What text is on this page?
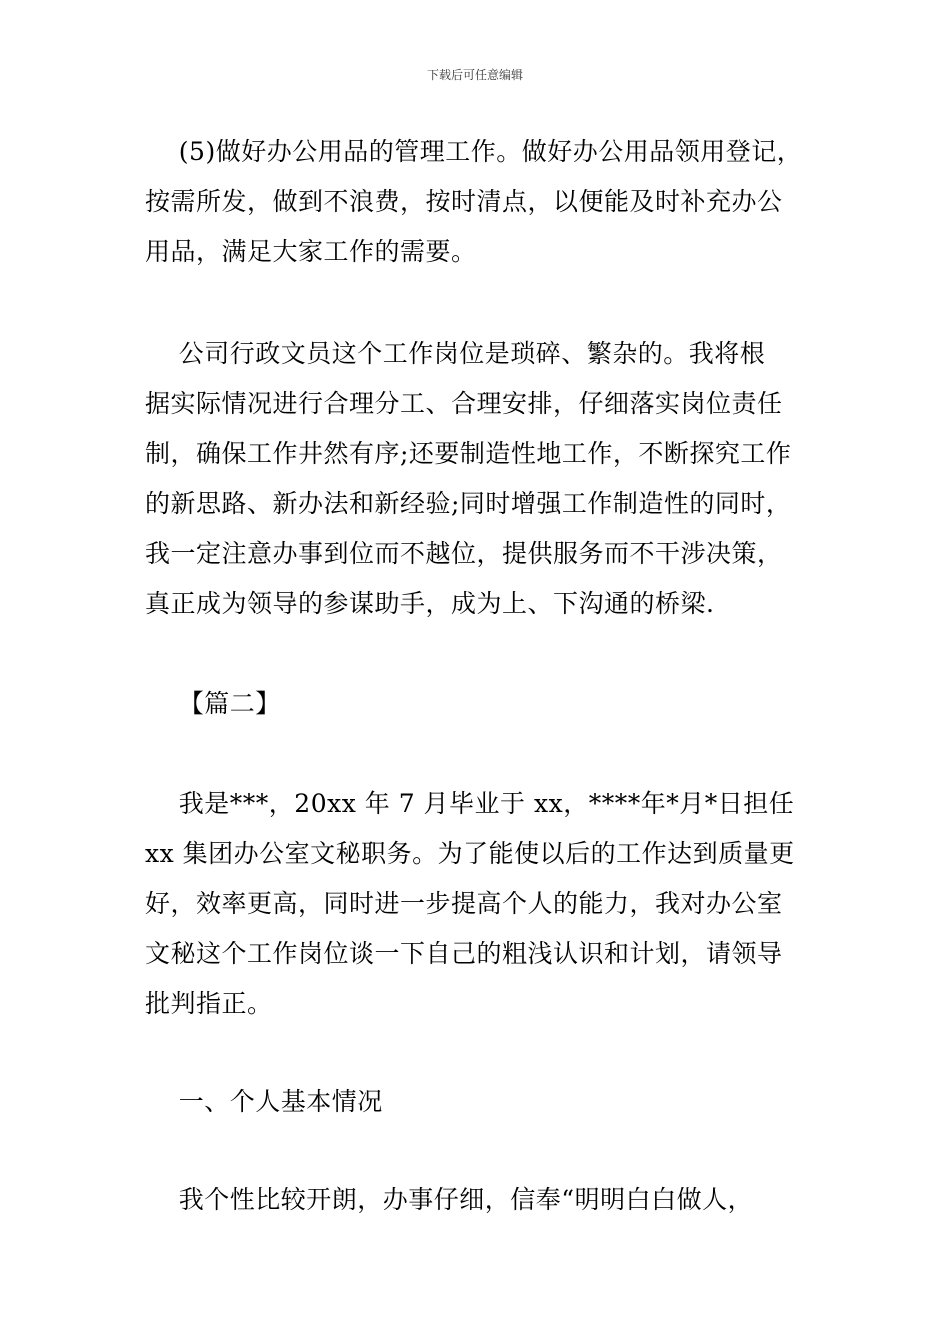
下载后可任意编辑
(5)做好办公用品的管理工作。做好办公用品领用登记，
按需所发，做到不浪费，按时清点，以便能及时补充办公
用品，满足大家工作的需要。
公司行政文员这个工作岗位是琐碎、繁杂的。我将根
据实际情况进行合理分工、合理安排，仔细落实岗位责任
制，确保工作井然有序;还要制造性地工作，不断探究工作
的新思路、新办法和新经验;同时增强工作制造性的同时，
我一定注意办事到位而不越位，提供服务而不干涉决策，
真正成为领导的参谋助手，成为上、下沟通的桥梁.
【篇二】
我是***，20xx 年 7 月毕业于 xx，****年*月*日担任
xx 集团办公室文秘职务。为了能使以后的工作达到质量更
好，效率更高，同时进一步提高个人的能力，我对办公室
文秘这个工作岗位谈一下自己的粗浅认识和计划，请领导
批判指正。
一、个人基本情况
我个性比较开朗，办事仔细，信奉“明明白白做人，
